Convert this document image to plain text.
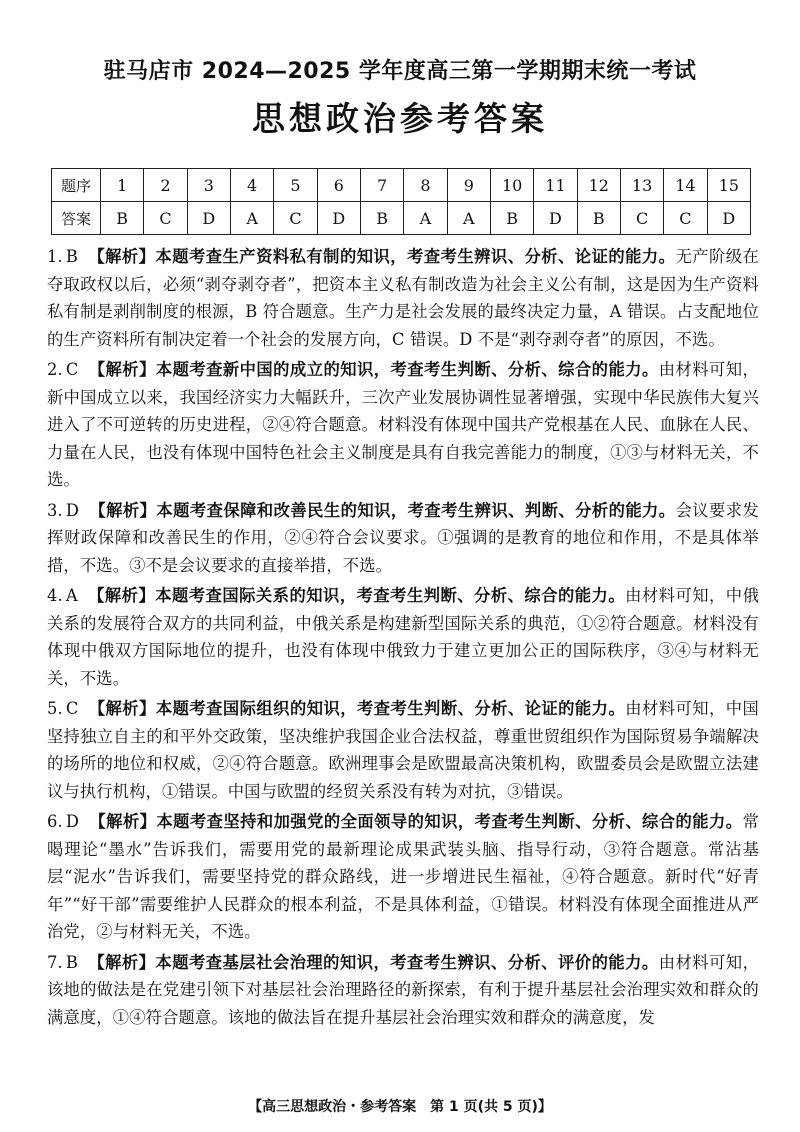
驻马店市 2024—2025 学年度高三第一学期期末统一考试
思想政治参考答案
题序	1	2	3	4	5	6	7	8	9	10	11	12	13	14	15
答案	B	C	D	A	C	D	B	A	A	B	D	B	C	C	D
1. B 【解析】本题考查生产资料私有制的知识，考查考生辨识、分析、论证的能力。无产阶级在夺取政权以后，必须“剥夺剥夺者”，把资本主义私有制改造为社会主义公有制，这是因为生产资料私有制是剥削制度的根源，B 符合题意。生产力是社会发展的最终决定力量，A 错误。占支配地位的生产资料所有制决定着一个社会的发展方向，C 错误。D 不是“剥夺剥夺者”的原因，不选。
2. C 【解析】本题考查新中国的成立的知识，考查考生判断、分析、综合的能力。由材料可知，新中国成立以来，我国经济实力大幅跃升，三次产业发展协调性显著增强，实现中华民族伟大复兴进入了不可逆转的历史进程，②④符合题意。材料没有体现中国共产党根基在人民、血脉在人民、力量在人民，也没有体现中国特色社会主义制度是具有自我完善能力的制度，①③与材料无关，不选。
3. D 【解析】本题考查保障和改善民生的知识，考查考生辨识、判断、分析的能力。会议要求发挥财政保障和改善民生的作用，②④符合会议要求。①强调的是教育的地位和作用，不是具体举措，不选。③不是会议要求的直接举措，不选。
4. A 【解析】本题考查国际关系的知识，考查考生判断、分析、综合的能力。由材料可知，中俄关系的发展符合双方的共同利益，中俄关系是构建新型国际关系的典范，①②符合题意。材料没有体现中俄双方国际地位的提升，也没有体现中俄致力于建立更加公正的国际秩序，③④与材料无关，不选。
5. C 【解析】本题考查国际组织的知识，考查考生判断、分析、论证的能力。由材料可知，中国坚持独立自主的和平外交政策，坚决维护我国企业合法权益，尊重世贸组织作为国际贸易争端解决的场所的地位和权威，②④符合题意。欧洲理事会是欧盟最高决策机构，欧盟委员会是欧盟立法建议与执行机构，①错误。中国与欧盟的经贸关系没有转为对抗，③错误。
6. D 【解析】本题考查坚持和加强党的全面领导的知识，考查考生判断、分析、综合的能力。常喝理论“墨水”告诉我们，需要用党的最新理论成果武装头脑、指导行动，③符合题意。常沾基层“泥水”告诉我们，需要坚持党的群众路线，进一步增进民生福祉，④符合题意。新时代“好青年”“好干部”需要维护人民群众的根本利益，不是具体利益，①错误。材料没有体现全面推进从严治党，②与材料无关，不选。
7. B 【解析】本题考查基层社会治理的知识，考查考生辨识、分析、评价的能力。由材料可知，该地的做法是在党建引领下对基层社会治理路径的新探索，有利于提升基层社会治理实效和群众的满意度，①④符合题意。该地的做法旨在提升基层社会治理实效和群众的满意度，发
【高三思想政治・参考答案　第 1 页(共 5 页)】
